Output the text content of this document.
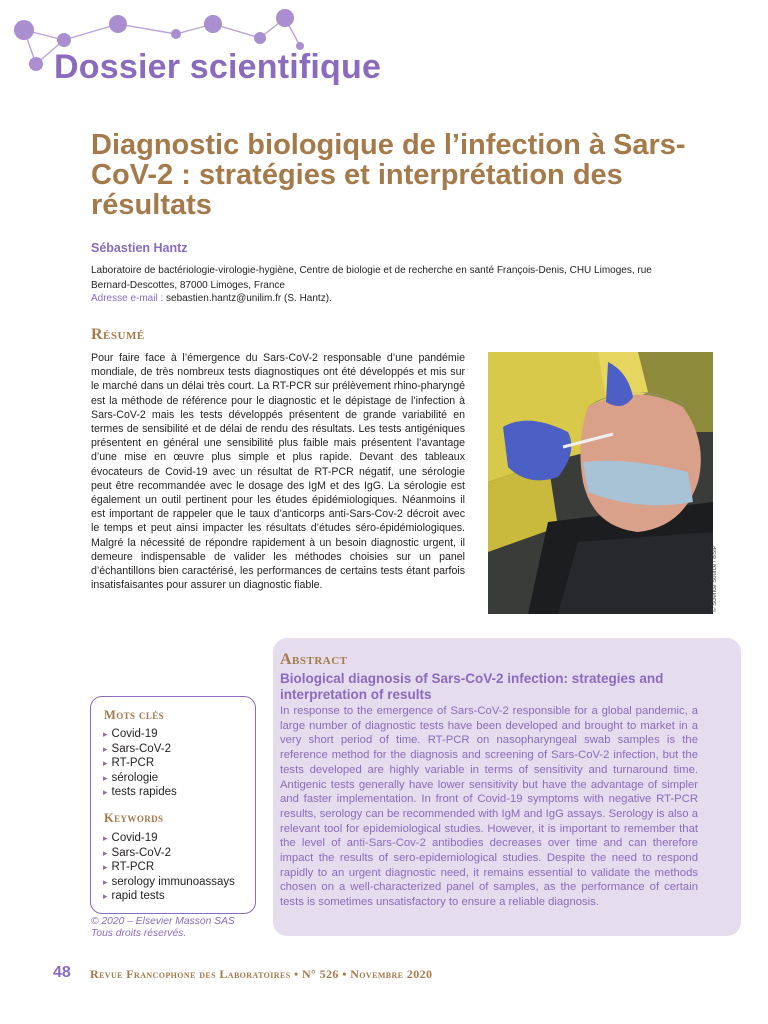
Dossier scientifique
Diagnostic biologique de l’infection à Sars-CoV-2 : stratégies et interprétation des résultats
Sébastien Hantz
Laboratoire de bactériologie-virologie-hygiène, Centre de biologie et de recherche en santé François-Denis, CHU Limoges, rue Bernard-Descottes, 87000 Limoges, France
Adresse e-mail : sebastien.hantz@unilim.fr (S. Hantz).
Résumé

Pour faire face à l’émergence du Sars-CoV-2 responsable d’une pandémie mondiale, de très nombreux tests diagnostiques ont été développés et mis sur le marché dans un délai très court. La RT-PCR sur prélèvement rhino-pharyngé est la méthode de référence pour le diagnostic et le dépistage de l’infection à Sars-CoV-2 mais les tests développés présentent de grande variabilité en termes de sensibilité et de délai de rendu des résultats. Les tests antigéniques présentent en général une sensibilité plus faible mais présentent l’avantage d’une mise en œuvre plus simple et plus rapide. Devant des tableaux évocateurs de Covid-19 avec un résultat de RT-PCR négatif, une sérologie peut être recommandée avec le dosage des IgM et des IgG. La sérologie est également un outil pertinent pour les études épidémiologiques. Néanmoins il est important de rappeler que le taux d’anticorps anti-Sars-Cov-2 décroit avec le temps et peut ainsi impacter les résultats d’études séro-épidémiologiques. Malgré la nécessité de répondre rapidement à un besoin diagnostic urgent, il demeure indispensable de valider les méthodes choisies sur un panel d’échantillons bien caractérisé, les performances de certains tests étant parfois insatisfaisantes pour assurer un diagnostic fiable.	© Science Source / BSIP
Abstract
Biological diagnosis of Sars-CoV-2 infection: strategies and interpretation of results

In response to the emergence of Sars-CoV-2 responsible for a global pandemic, a large number of diagnostic tests have been developed and brought to market in a very short period of time. RT-PCR on nasopharyngeal swab samples is the reference method for the diagnosis and screening of Sars-CoV-2 infection, but the tests developed are highly variable in terms of sensitivity and turnaround time. Antigenic tests generally have lower sensitivity but have the advantage of simpler and faster implementation. In front of Covid-19 symptoms with negative RT-PCR results, serology can be recommended with IgM and IgG assays. Serology is also a relevant tool for epidemiological studies. However, it is important to remember that the level of anti-Sars-Cov-2 antibodies decreases over time and can therefore impact the results of sero-epidemiological studies. Despite the need to respond rapidly to an urgent diagnostic need, it remains essential to validate the methods chosen on a well-characterized panel of samples, as the performance of certain tests is sometimes unsatisfactory to ensure a reliable diagnosis.

Mots clés
▸ Covid-19
▸ Sars-CoV-2
▸ RT-PCR
▸ sérologie
▸ tests rapides
Keywords
▸ Covid-19
▸ Sars-CoV-2
▸ RT-PCR
▸ serology immunoassays
▸ rapid tests
© 2020 – Elsevier Masson SAS
Tous droits réservés.
48 Revue Francophone des Laboratoires • N° 526 • Novembre 2020
